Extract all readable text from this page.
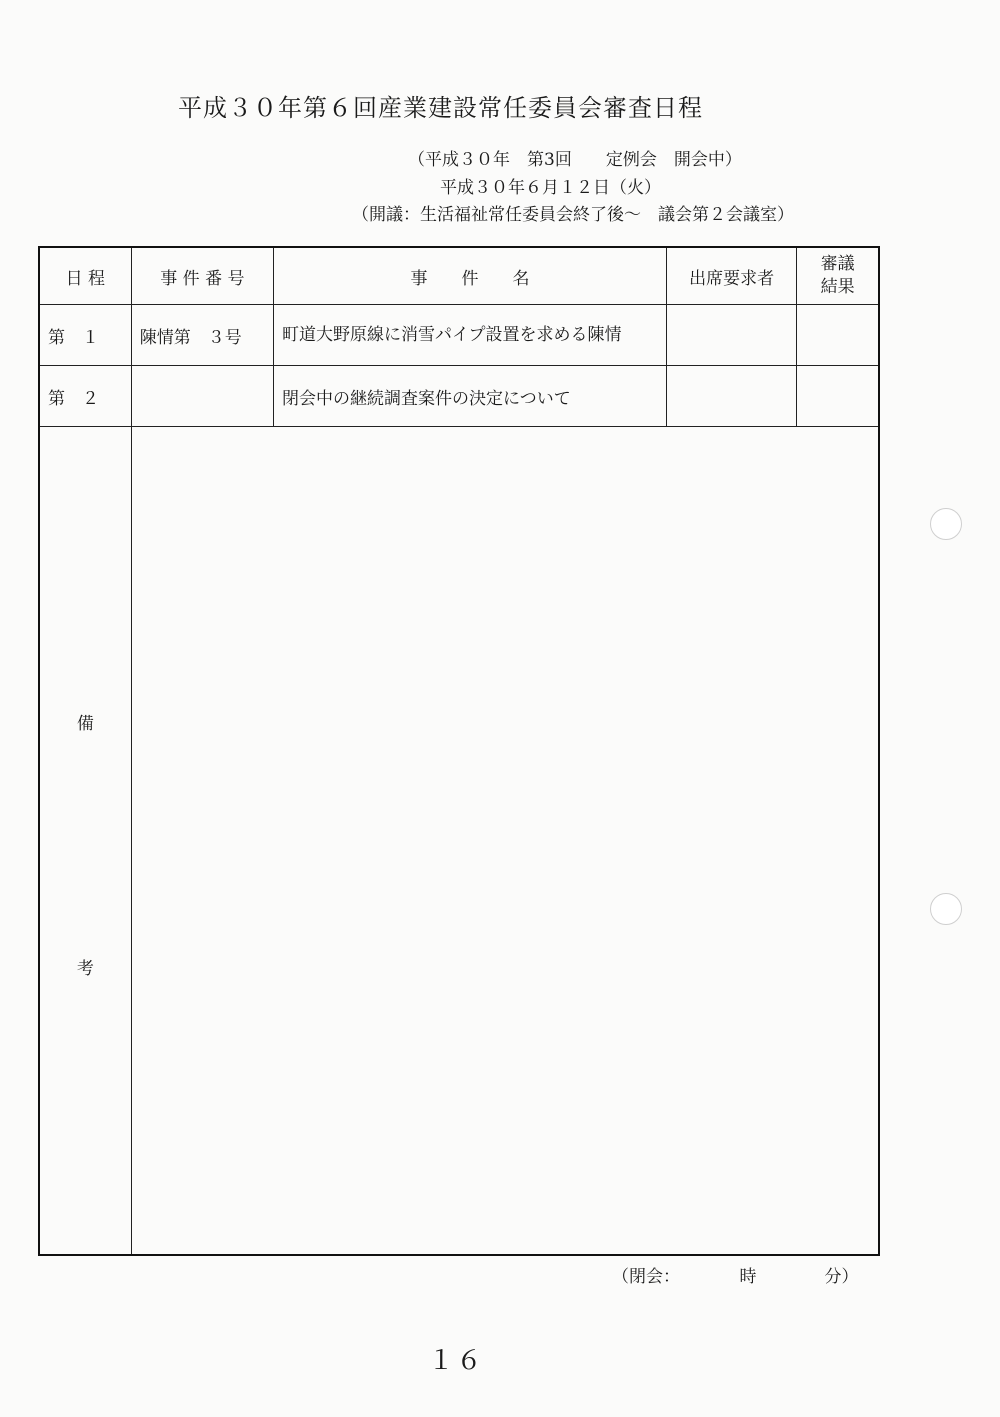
平成３０年第６回産業建設常任委員会審査日程
（平成３０年　第3回　　定例会　開会中）
平成３０年６月１２日（火）
（開議：生活福祉常任委員会終了後～　議会第２会議室）
日 程	事 件 番 号	事　　件　　名	出席要求者	審議
結果
第　１	陳情第　３号	町道大野原線に消雪パイプ設置を求める陳情		
第　２		閉会中の継続調査案件の決定について		

備
考				

（閉会：　　　　時　　　　分）
１６
